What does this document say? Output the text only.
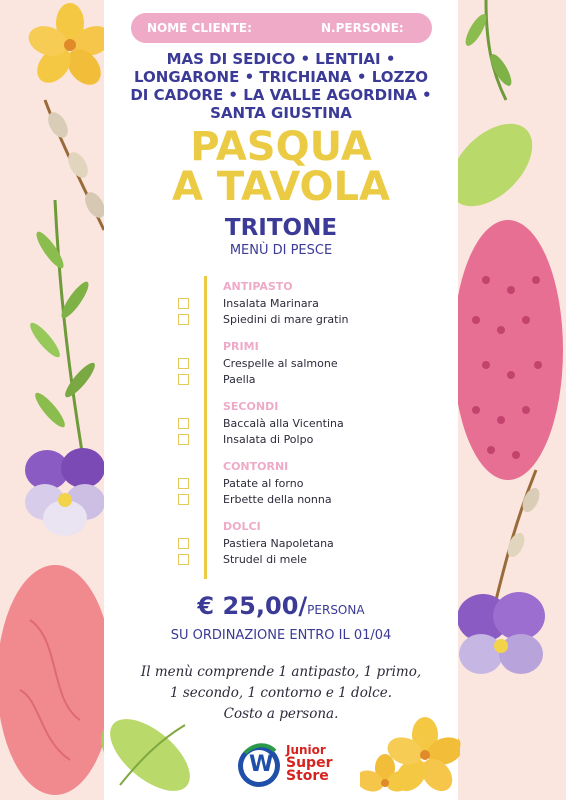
NOME CLIENTE:	N.PERSONE:
MAS DI SEDICO • LENTIAI •
LONGARONE • TRICHIANA • LOZZO
DI CADORE • LA VALLE AGORDINA •
SANTA GIUSTINA
PASQUA
A TAVOLA
TRITONE
MENÙ DI PESCE
ANTIPASTO
Insalata Marinara
Spiedini di mare gratin
PRIMI
Crespelle al salmone
Paella
SECONDI
Baccalà alla Vicentina
Insalata di Polpo
CONTORNI
Patate al forno
Erbette della nonna
DOLCI
Pastiera Napoletana
Strudel di mele
€ 25,00/PERSONA
SU ORDINAZIONE ENTRO IL 01/04
Il menù comprende 1 antipasto, 1 primo,
1 secondo, 1 contorno e 1 dolce.
Costo a persona.
W
Junior
Super
Store
